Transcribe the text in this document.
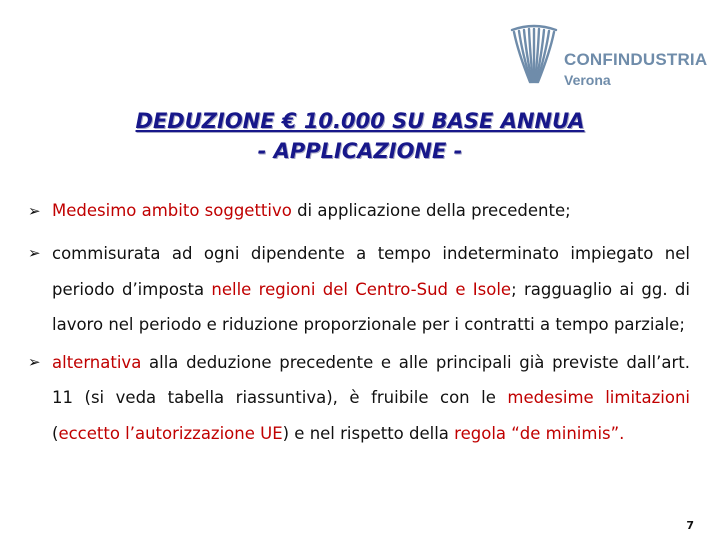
CONFINDUSTRIA
Verona
DEDUZIONE € 10.000 SU BASE ANNUA
- APPLICAZIONE -
➢ Medesimo ambito soggettivo di applicazione della precedente;
➢ commisurata ad ogni dipendente a tempo indeterminato impiegato nel periodo d’imposta nelle regioni del Centro-Sud e Isole; ragguaglio ai gg. di lavoro nel periodo e riduzione proporzionale per i contratti a tempo parziale;
➢ alternativa alla deduzione precedente e alle principali già previste dall’art. 11 (si veda tabella riassuntiva), è fruibile con le medesime limitazioni (eccetto l’autorizzazione UE) e nel rispetto della regola “de minimis”.
7
